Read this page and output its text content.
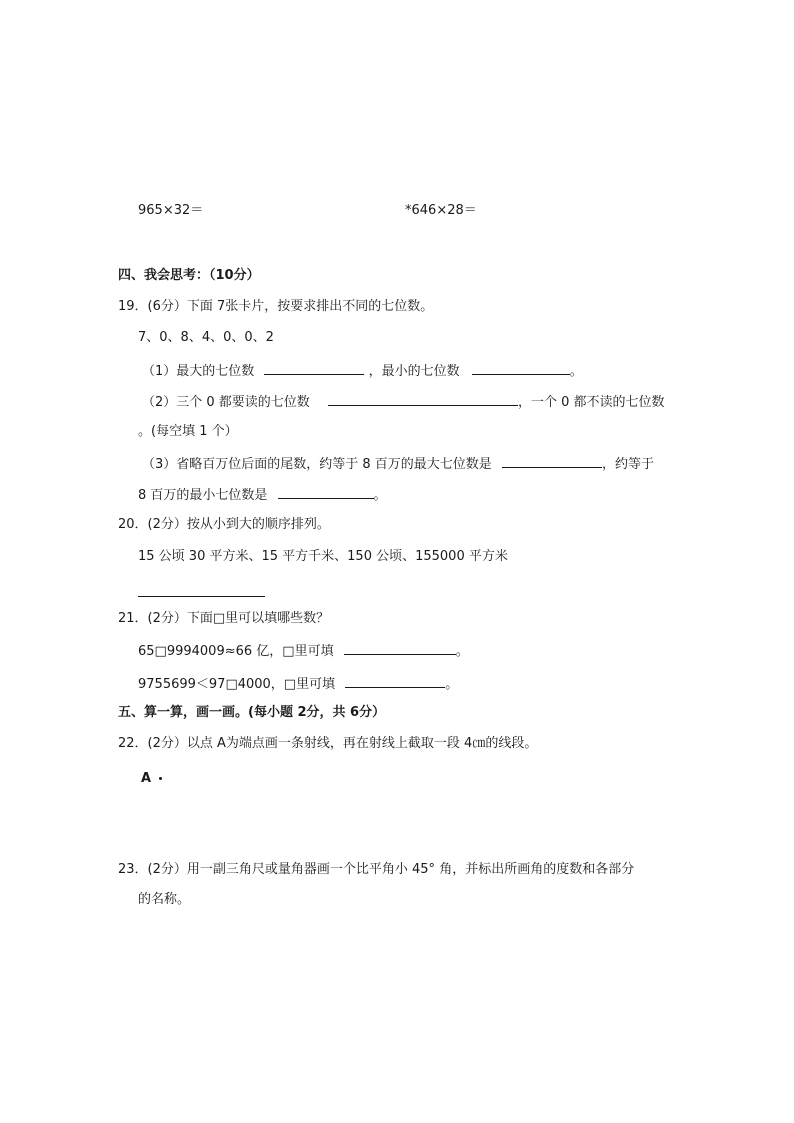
965×32＝	*646×28＝
四、我会思考：（10分）
19．(6分）下面 7张卡片，按要求排出不同的七位数。
7、0、8、4、0、0、2
（1）最大的七位数	，最小的七位数	。
（2）三个 0 都要读的七位数	，一个 0 都不读的七位数
。(每空填 1 个）
（3）省略百万位后面的尾数，约等于 8 百万的最大七位数是	，约等于
8 百万的最小七位数是	。
20．(2分）按从小到大的顺序排列。
15 公顷 30 平方米、15 平方千米、150 公顷、155000 平方米
21．(2分）下面□里可以填哪些数？
65□9994009≈66 亿，□里可填	。
9755699＜97□4000，□里可填	。
五、算一算，画一画。(每小题 2分，共 6分）
22．(2分）以点 A为端点画一条射线，再在射线上截取一段 4㎝的线段。
A
23．(2分）用一副三角尺或量角器画一个比平角小 45° 角，并标出所画角的度数和各部分
的名称。
